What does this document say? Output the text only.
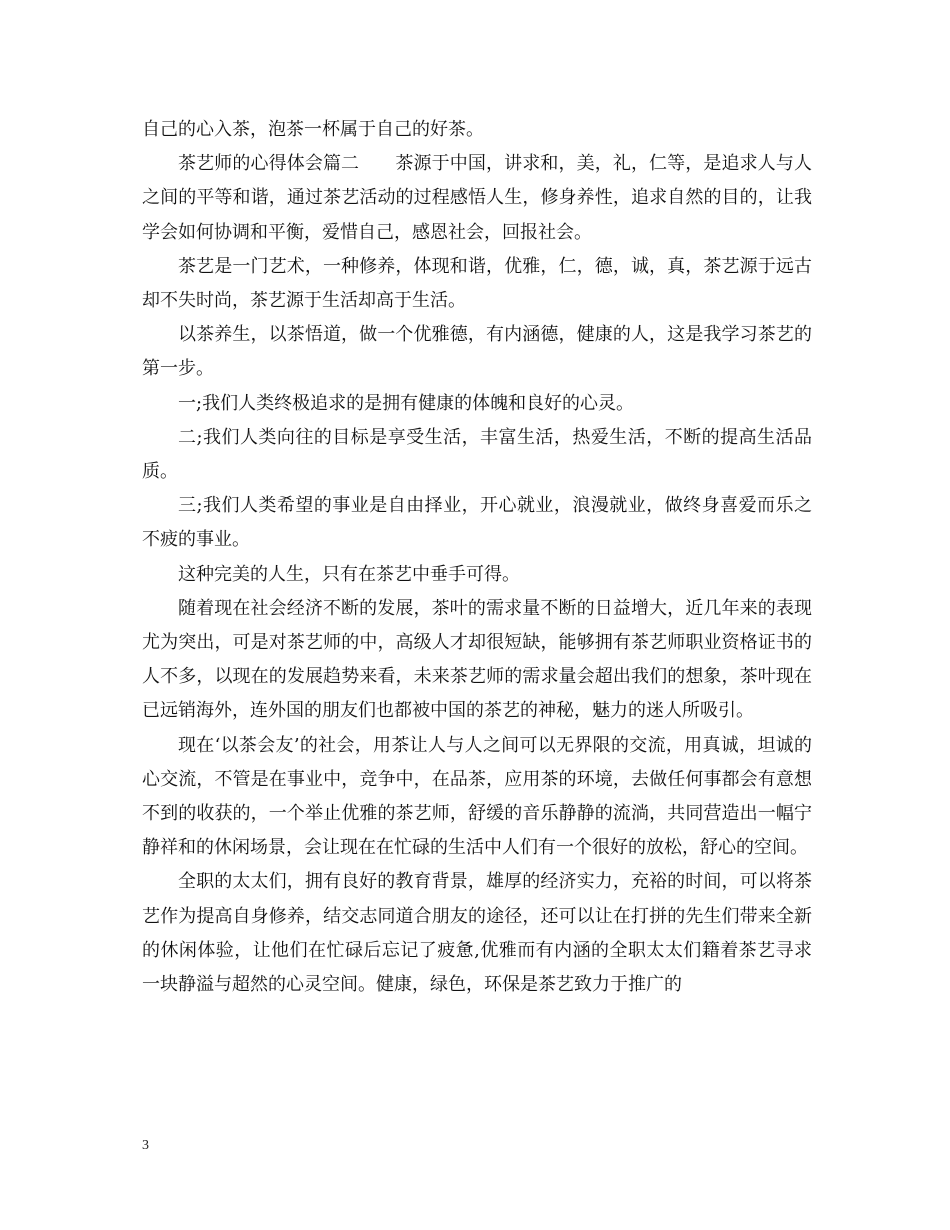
自己的心入茶，泡茶一杯属于自己的好茶。

茶艺师的心得体会篇二　　茶源于中国，讲求和，美，礼，仁等，是追求人与人之间的平等和谐，通过茶艺活动的过程感悟人生，修身养性，追求自然的目的，让我学会如何协调和平衡，爱惜自己，感恩社会，回报社会。

茶艺是一门艺术，一种修养，体现和谐，优雅，仁，德，诚，真，茶艺源于远古却不失时尚，茶艺源于生活却高于生活。

以茶养生，以茶悟道，做一个优雅德，有内涵德，健康的人，这是我学习茶艺的第一步。

一;我们人类终极追求的是拥有健康的体魄和良好的心灵。

二;我们人类向往的目标是享受生活，丰富生活，热爱生活，不断的提高生活品质。

三;我们人类希望的事业是自由择业，开心就业，浪漫就业，做终身喜爱而乐之不疲的事业。

这种完美的人生，只有在茶艺中垂手可得。

随着现在社会经济不断的发展，茶叶的需求量不断的日益增大，近几年来的表现尤为突出，可是对茶艺师的中，高级人才却很短缺，能够拥有茶艺师职业资格证书的人不多，以现在的发展趋势来看，未来茶艺师的需求量会超出我们的想象，茶叶现在已远销海外，连外国的朋友们也都被中国的茶艺的神秘，魅力的迷人所吸引。

现在‘以茶会友’的社会，用茶让人与人之间可以无界限的交流，用真诚，坦诚的心交流，不管是在事业中，竞争中，在品茶，应用茶的环境，去做任何事都会有意想不到的收获的，一个举止优雅的茶艺师，舒缓的音乐静静的流淌，共同营造出一幅宁静祥和的休闲场景，会让现在在忙碌的生活中人们有一个很好的放松，舒心的空间。

全职的太太们，拥有良好的教育背景，雄厚的经济实力，充裕的时间，可以将茶艺作为提高自身修养，结交志同道合朋友的途径，还可以让在打拼的先生们带来全新的休闲体验，让他们在忙碌后忘记了疲惫,优雅而有内涵的全职太太们籍着茶艺寻求一块静溢与超然的心灵空间。健康，绿色，环保是茶艺致力于推广的

3
